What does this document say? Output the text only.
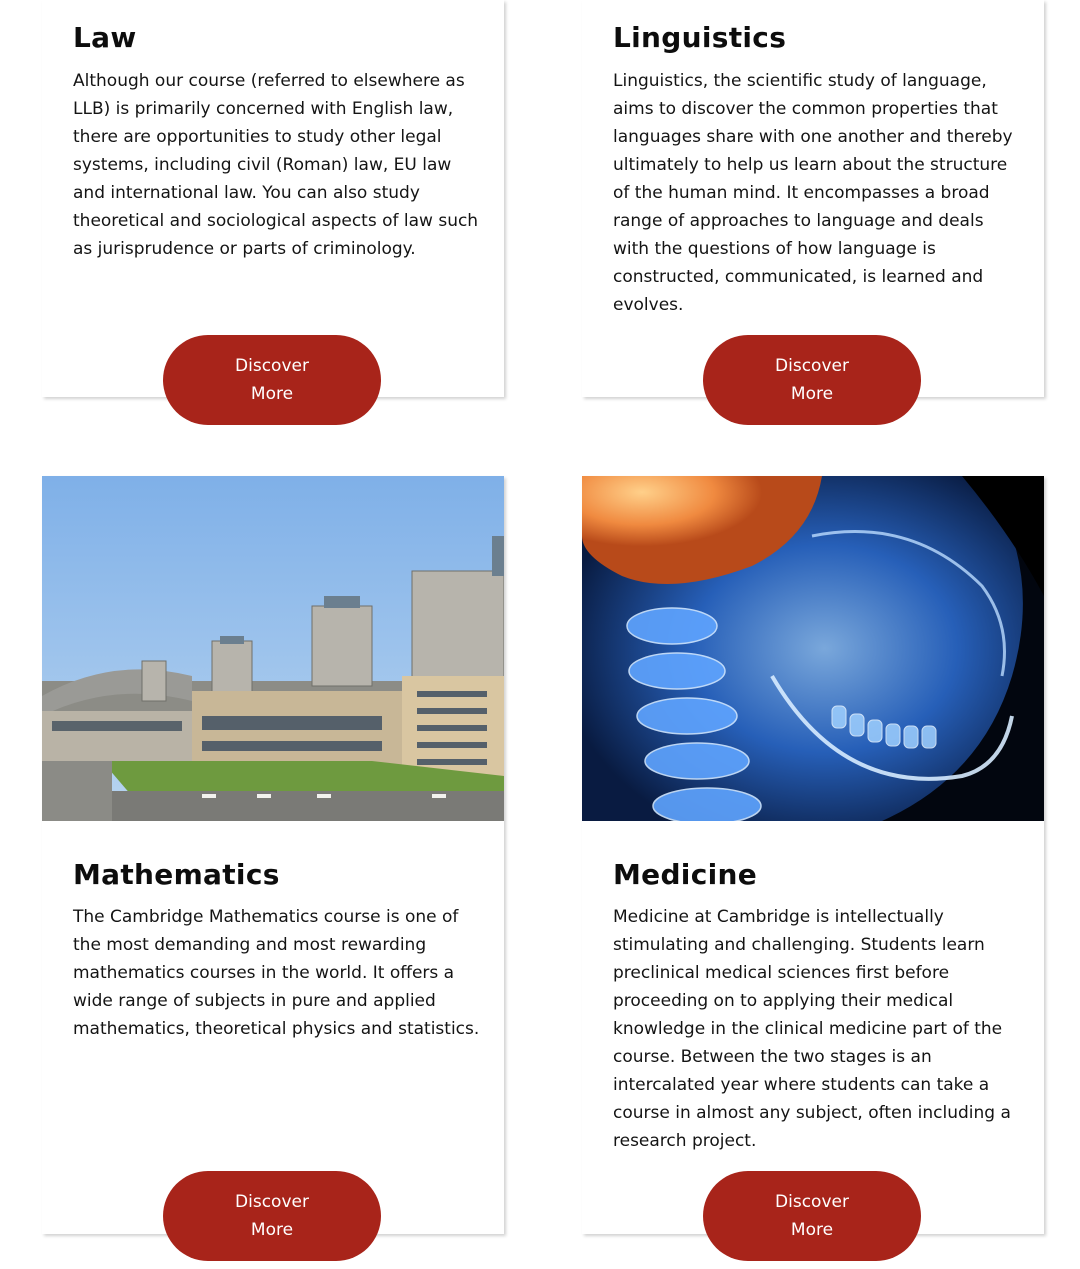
Law

Although our course (referred to elsewhere as LLB) is primarily concerned with English law, there are opportunities to study other legal systems, including civil (Roman) law, EU law and international law. You can also study theoretical and sociological aspects of law such as jurisprudence or parts of criminology.

Discover More
Linguistics

Linguistics, the scientific study of language, aims to discover the common properties that languages share with one another and thereby ultimately to help us learn about the structure of the human mind. It encompasses a broad range of approaches to language and deals with the questions of how language is constructed, communicated, is learned and evolves.

Discover More
Mathematics

The Cambridge Mathematics course is one of the most demanding and most rewarding mathematics courses in the world. It offers a wide range of subjects in pure and applied mathematics, theoretical physics and statistics.

Discover More
Medicine

Medicine at Cambridge is intellectually stimulating and challenging. Students learn preclinical medical sciences first before proceeding on to applying their medical knowledge in the clinical medicine part of the course. Between the two stages is an intercalated year where students can take a course in almost any subject, often including a research project.

Discover More
